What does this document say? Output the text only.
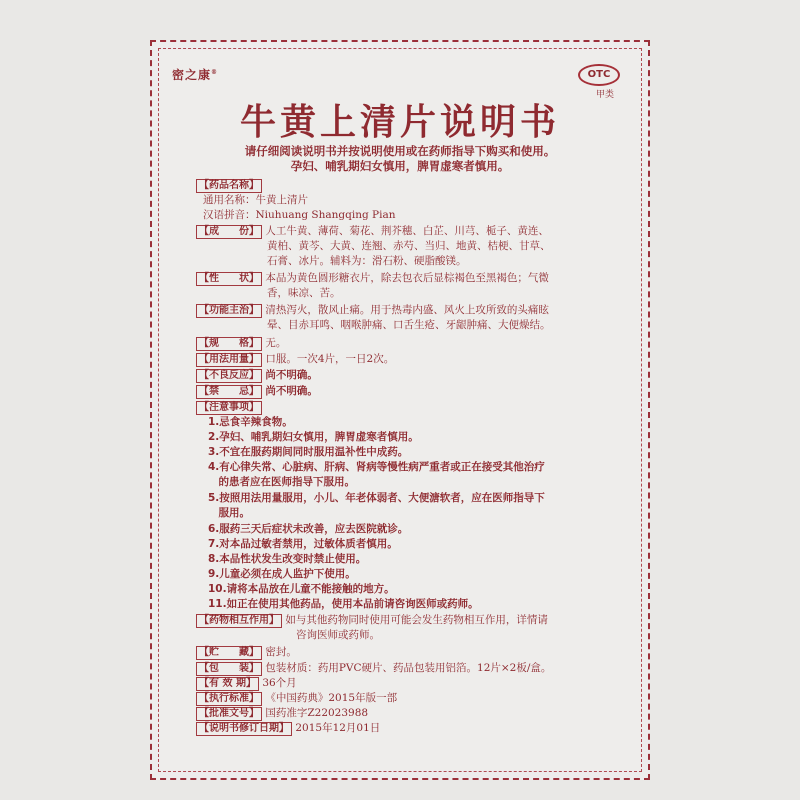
密之康®	OTC
甲类
牛黄上清片说明书
请仔细阅读说明书并按说明使用或在药师指导下购买和使用。
孕妇、哺乳期妇女慎用，脾胃虚寒者慎用。
【药品名称】
通用名称：牛黄上清片
汉语拼音：Niuhuang Shangqing Pian
【成　　份】 人工牛黄、薄荷、菊花、荆芥穗、白芷、川芎、栀子、黄连、
黄柏、黄芩、大黄、连翘、赤芍、当归、地黄、桔梗、甘草、
石膏、冰片。辅料为：滑石粉、硬脂酸镁。
【性　　状】 本品为黄色圆形糖衣片，除去包衣后显棕褐色至黑褐色；气微
香，味凉、苦。
【功能主治】 清热泻火，散风止痛。用于热毒内盛、风火上攻所致的头痛眩
晕、目赤耳鸣、咽喉肿痛、口舌生疮、牙龈肿痛、大便燥结。
【规　　格】 无。
【用法用量】 口服。一次4片，一日2次。
【不良反应】 尚不明确。
【禁　　忌】 尚不明确。
【注意事项】
1.忌食辛辣食物。
2.孕妇、哺乳期妇女慎用，脾胃虚寒者慎用。
3.不宜在服药期间同时服用温补性中成药。
4.有心律失常、心脏病、肝病、肾病等慢性病严重者或正在接受其他治疗
　的患者应在医师指导下服用。
5.按照用法用量服用，小儿、年老体弱者、大便溏软者，应在医师指导下
　服用。
6.服药三天后症状未改善，应去医院就诊。
7.对本品过敏者禁用，过敏体质者慎用。
8.本品性状发生改变时禁止使用。
9.儿童必须在成人监护下使用。
10.请将本品放在儿童不能接触的地方。
11.如正在使用其他药品，使用本品前请咨询医师或药师。
【药物相互作用】 如与其他药物同时使用可能会发生药物相互作用，详情请
咨询医师或药师。
【贮　　藏】 密封。
【包　　装】 包装材质：药用PVC硬片、药品包装用铝箔。12片×2板/盒。
【有 效 期】 36个月
【执行标准】 《中国药典》2015年版一部
【批准文号】 国药准字Z22023988
【说明书修订日期】 2015年12月01日
